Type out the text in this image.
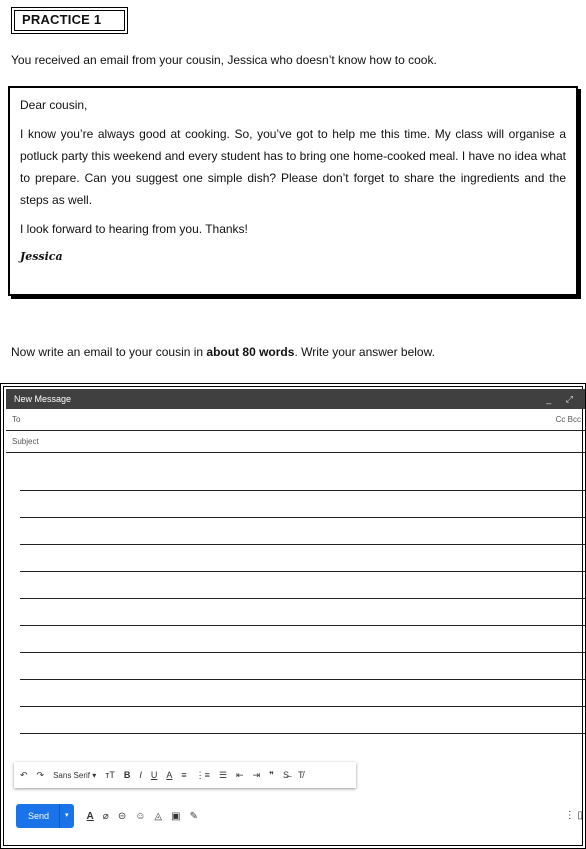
PRACTICE 1
You received an email from your cousin, Jessica who doesn’t know how to cook.

Dear cousin,

I know you’re always good at cooking. So, you’ve got to help me this time. My class will organise a potluck party this weekend and every student has to bring one home-cooked meal. I have no idea what to prepare. Can you suggest one simple dish? Please don’t forget to share the ingredients and the steps as well.

I look forward to hearing from you. Thanks!

Jessica

Now write an email to your cousin in about 80 words. Write your answer below.
New Message	_ ⤢
To	Cc Bcc
Subject
↶ ↷ Sans Serif ▾ тT B I U A ≡ ⋮≡ ☰ ⇤ ⇥ ❞ S̶ T̸
Send	▾	A ⌀ ⊝ ☺ ◬ ▣ ✎	⋮ ▯
